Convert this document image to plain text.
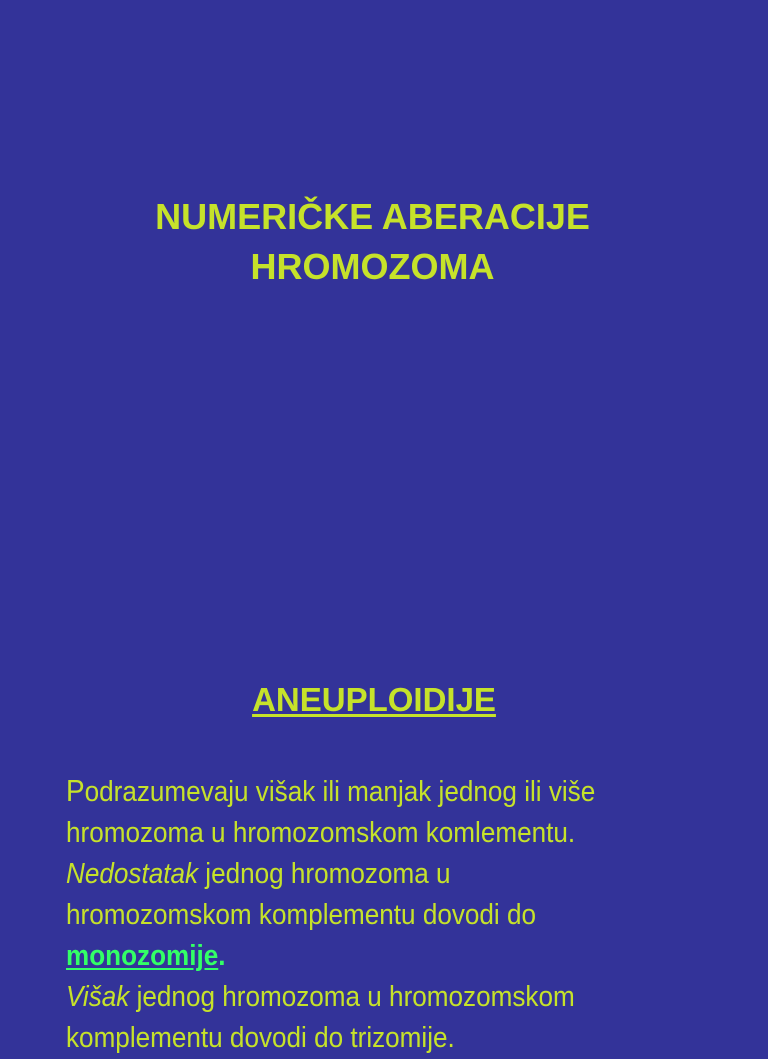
NUMERIČKE ABERACIJE
HROMOZOMA
ANEUPLOIDIJE

Podrazumevaju višak ili manjak jednog ili više
hromozoma u hromozomskom komlementu.
Nedostatak jednog hromozoma u
hromozomskom komplementu dovodi do
monozomije.
Višak jednog hromozoma u hromozomskom
komplementu dovodi do trizomije.
